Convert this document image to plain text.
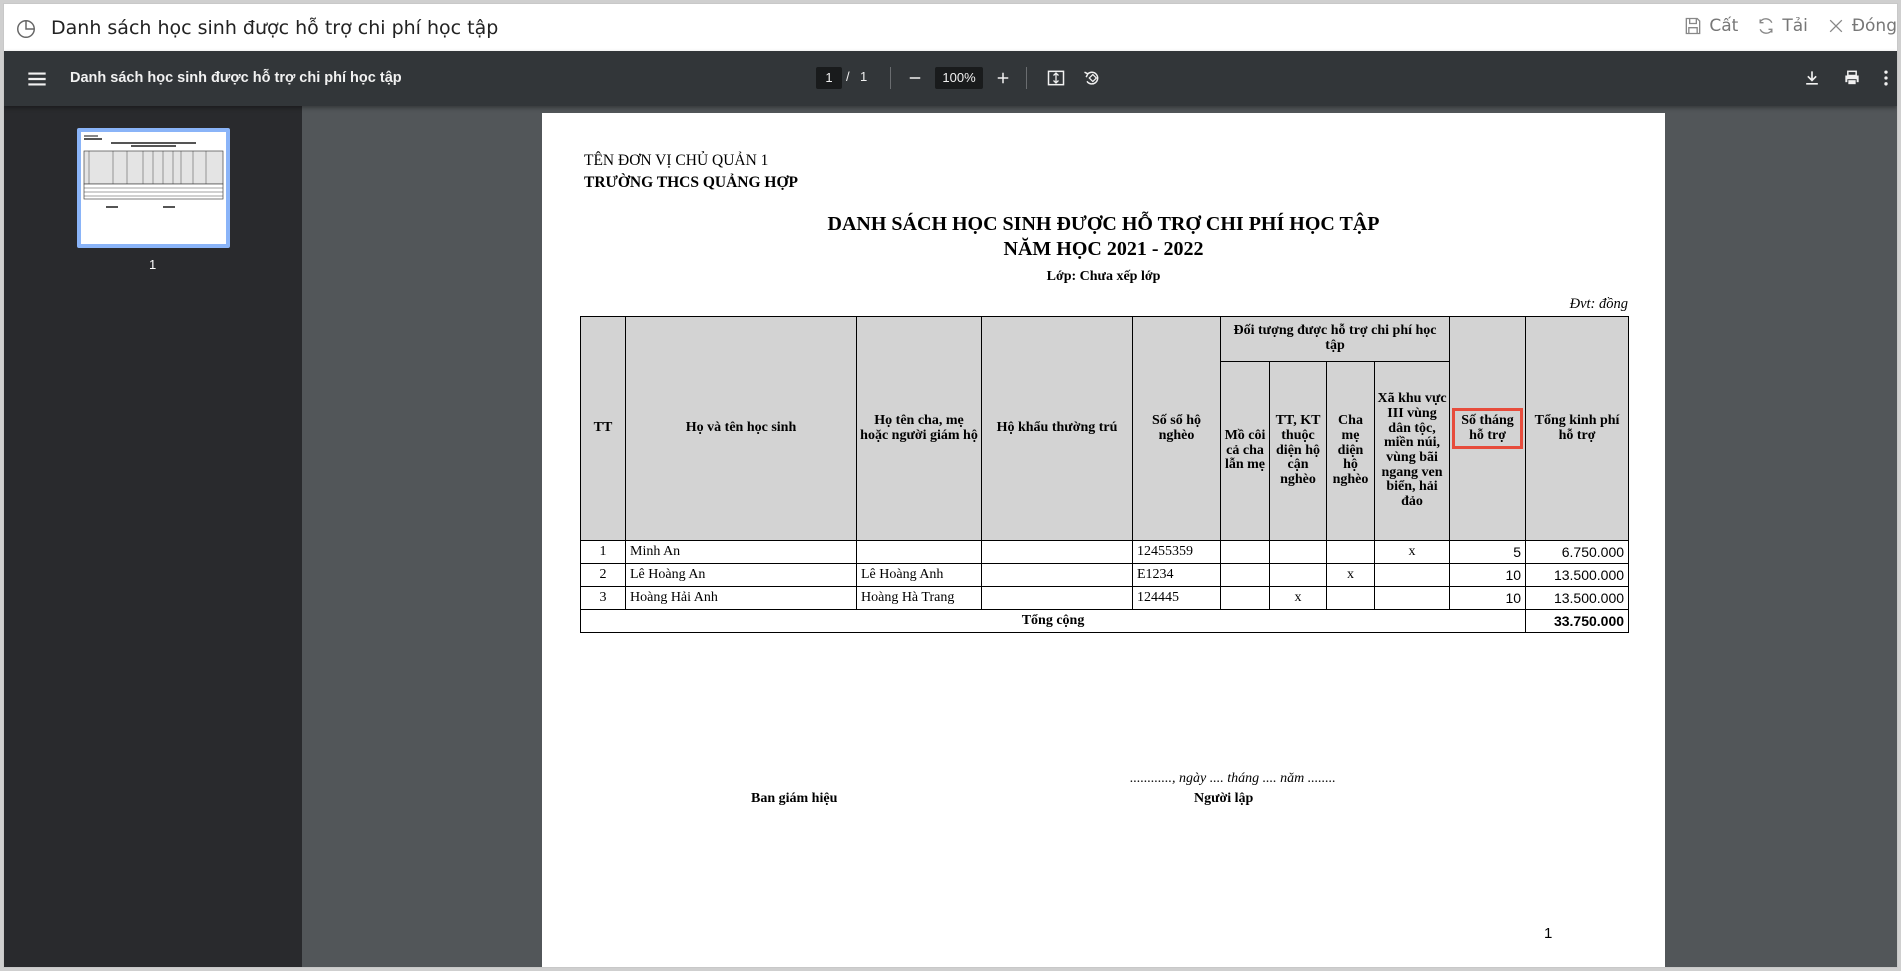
Danh sách học sinh được hỗ trợ chi phí học tập	Cất	Tải	Đóng
Danh sách học sinh được hỗ trợ chi phí học tập	1	/ 1	100%
1
TÊN ĐƠN VỊ CHỦ QUẢN 1
TRƯỜNG THCS QUẢNG HỢP
DANH SÁCH HỌC SINH ĐƯỢC HỖ TRỢ CHI PHÍ HỌC TẬP
NĂM HỌC 2021 - 2022
Lớp: Chưa xếp lớp
Đvt: đồng
TT	Họ và tên học sinh	Họ tên cha, mẹ hoặc người giám hộ	Hộ khẩu thường trú	Số sổ hộ nghèo	Đối tượng được hỗ trợ chi phí học tập				Số tháng hỗ trợ	Tổng kinh phí hỗ trợ
					Mồ côi cả cha lẫn mẹ	TT, KT thuộc diện hộ cận nghèo	Cha mẹ diện hộ nghèo	Xã khu vực III vùng dân tộc, miền núi, vùng bãi ngang ven biển, hải đảo		
1	Minh An			12455359				x	5	6.750.000
2	Lê Hoàng An	Lê Hoàng Anh		E1234			x		10	13.500.000
3	Hoàng Hải Anh	Hoàng Hà Trang		124445		x			10	13.500.000
Tổng cộng										33.750.000
............, ngày .... tháng .... năm ........
Ban giám hiệu	Người lập
1
